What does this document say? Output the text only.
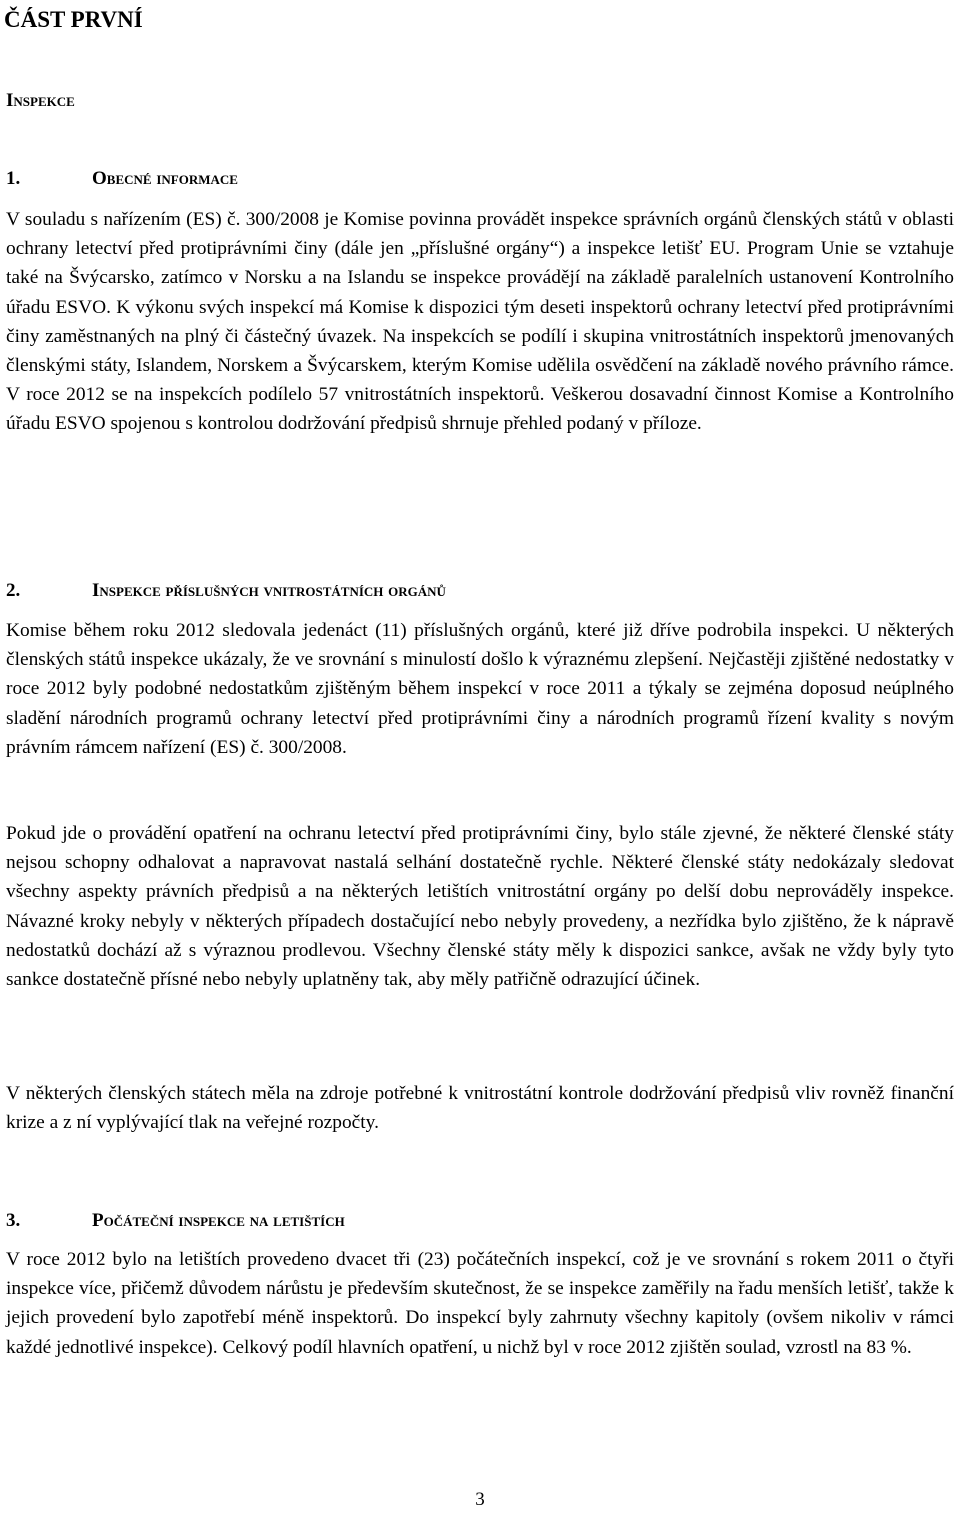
ČÁST PRVNÍ
Inspekce
1.	Obecné informace

V souladu s nařízením (ES) č. 300/2008 je Komise povinna provádět inspekce správních orgánů členských států v oblasti ochrany letectví před protiprávními činy (dále jen „příslušné orgány“) a inspekce letišť EU. Program Unie se vztahuje také na Švýcarsko, zatímco v Norsku a na Islandu se inspekce provádějí na základě paralelních ustanovení Kontrolního úřadu ESVO. K výkonu svých inspekcí má Komise k dispozici tým deseti inspektorů ochrany letectví před protiprávními činy zaměstnaných na plný či částečný úvazek. Na inspekcích se podílí i skupina vnitrostátních inspektorů jmenovaných členskými státy, Islandem, Norskem a Švýcarskem, kterým Komise udělila osvědčení na základě nového právního rámce. V roce 2012 se na inspekcích podílelo 57 vnitrostátních inspektorů. Veškerou dosavadní činnost Komise a Kontrolního úřadu ESVO spojenou s kontrolou dodržování předpisů shrnuje přehled podaný v příloze.

2.	Inspekce příslušných vnitrostátních orgánů

Komise během roku 2012 sledovala jedenáct (11) příslušných orgánů, které již dříve podrobila inspekci. U některých členských států inspekce ukázaly, že ve srovnání s minulostí došlo k výraznému zlepšení. Nejčastěji zjištěné nedostatky v roce 2012 byly podobné nedostatkům zjištěným během inspekcí v roce 2011 a týkaly se zejména doposud neúplného sladění národních programů ochrany letectví před protiprávními činy a národních programů řízení kvality s novým právním rámcem nařízení (ES) č. 300/2008.

Pokud jde o provádění opatření na ochranu letectví před protiprávními činy, bylo stále zjevné, že některé členské státy nejsou schopny odhalovat a napravovat nastalá selhání dostatečně rychle. Některé členské státy nedokázaly sledovat všechny aspekty právních předpisů a na některých letištích vnitrostátní orgány po delší dobu neprováděly inspekce. Návazné kroky nebyly v některých případech dostačující nebo nebyly provedeny, a nezřídka bylo zjištěno, že k nápravě nedostatků dochází až s výraznou prodlevou. Všechny členské státy měly k dispozici sankce, avšak ne vždy byly tyto sankce dostatečně přísné nebo nebyly uplatněny tak, aby měly patřičně odrazující účinek.

V některých členských státech měla na zdroje potřebné k vnitrostátní kontrole dodržování předpisů vliv rovněž finanční krize a z ní vyplývající tlak na veřejné rozpočty.

3.	Počáteční inspekce na letištích

V roce 2012 bylo na letištích provedeno dvacet tři (23) počátečních inspekcí, což je ve srovnání s rokem 2011 o čtyři inspekce více, přičemž důvodem nárůstu je především skutečnost, že se inspekce zaměřily na řadu menších letišť, takže k jejich provedení bylo zapotřebí méně inspektorů. Do inspekcí byly zahrnuty všechny kapitoly (ovšem nikoliv v rámci každé jednotlivé inspekce). Celkový podíl hlavních opatření, u nichž byl v roce 2012 zjištěn soulad, vzrostl na 83 %.

3
